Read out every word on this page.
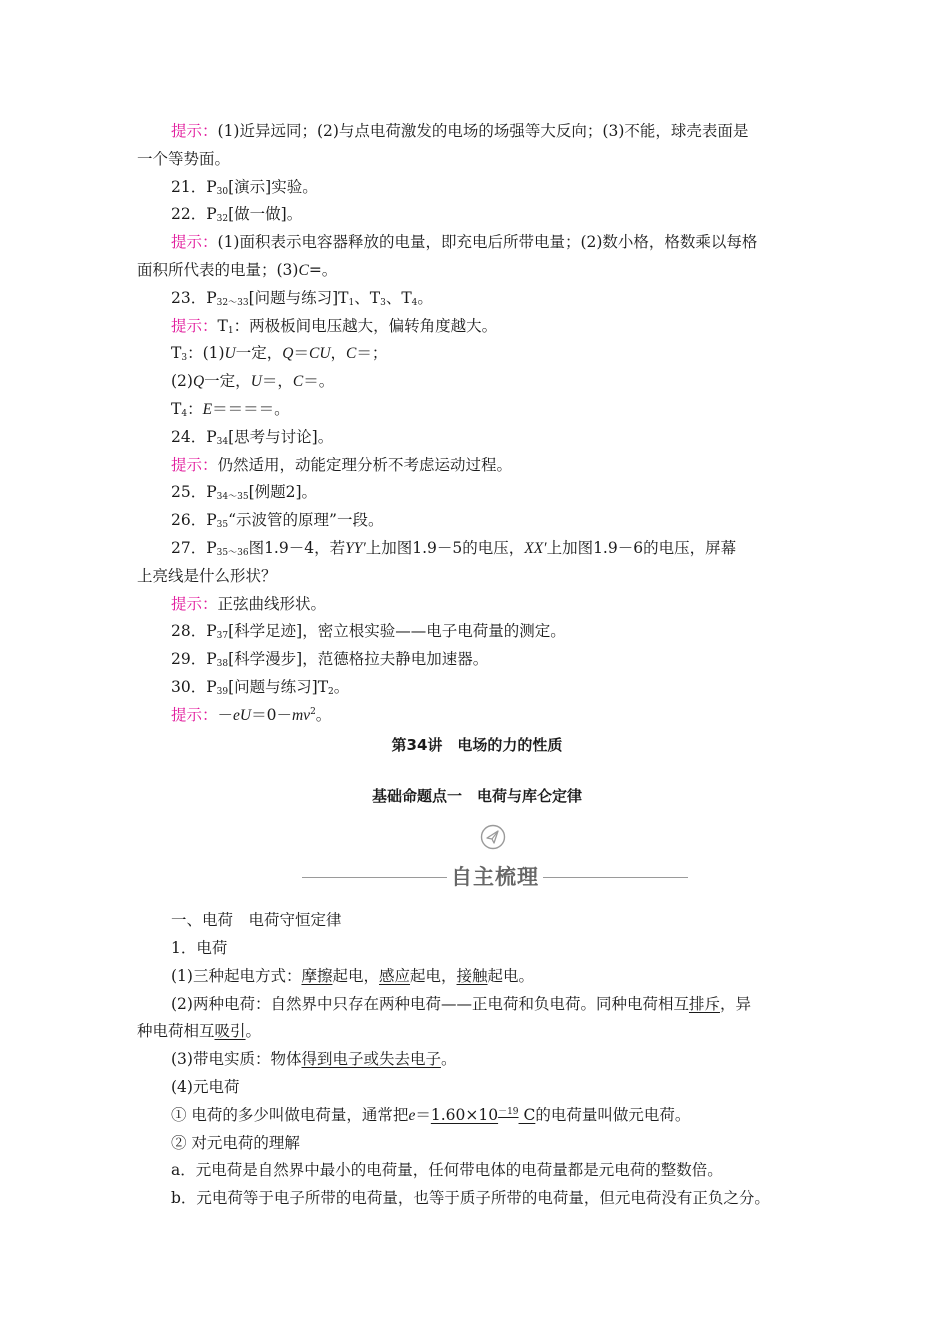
提示：(1)近异远同；(2)与点电荷激发的电场的场强等大反向；(3)不能，球壳表面是
一个等势面。
21．$P_{30}$[演示]实验。
22．$P_{32}$[做一做]。
提示：(1)面积表示电容器释放的电量，即充电后所带电量；(2)数小格，格数乘以每格
面积所代表的电量；(3)C=。
23．$P_{32\sim 33}$[问题与练习]$T_1$、$T_3$、$T_4$。
提示：$T_1$：两极板间电压越大，偏转角度越大。
$T_3$：(1)U一定，Q＝CU，C＝；
(2)Q一定，U＝，C＝。
$T_4$：E＝＝＝＝。
24．$P_{34}$[思考与讨论]。
提示：仍然适用，动能定理分析不考虑运动过程。
25．$P_{34\sim 35}$[例题2]。
26．$P_{35}“$示波管的原理”一段。
27．$P_{35\sim 36}$图1.9－4，若YY′上加图1.9－5的电压，XX′上加图1.9－6的电压，屏幕
上亮线是什么形状？
提示：正弦曲线形状。
28．$P_{37}$[科学足迹]，密立根实验——电子电荷量的测定。
29．$P_{38}$[科学漫步]，范德格拉夫静电加速器。
30．$P_{39}$[问题与练习]$T_2$。
提示：$-eU=0-mv^2$。
第34讲　电场的力的性质
基础命题点一　电荷与库仑定律
自主梳理
一、电荷　电荷守恒定律
1．电荷
(1)三种起电方式：摩擦起电，感应起电，接触起电。
(2)两种电荷：自然界中只存在两种电荷——正电荷和负电荷。同种电荷相互排斥，异
种电荷相互吸引。
(3)带电实质：物体得到电子或失去电子。
(4)元电荷
① 电荷的多少叫做电荷量，通常把$e=1.60\times 10^{-19}$ C的电荷量叫做元电荷。
② 对元电荷的理解
a．元电荷是自然界中最小的电荷量，任何带电体的电荷量都是元电荷的整数倍。
b．元电荷等于电子所带的电荷量，也等于质子所带的电荷量，但元电荷没有正负之分。
